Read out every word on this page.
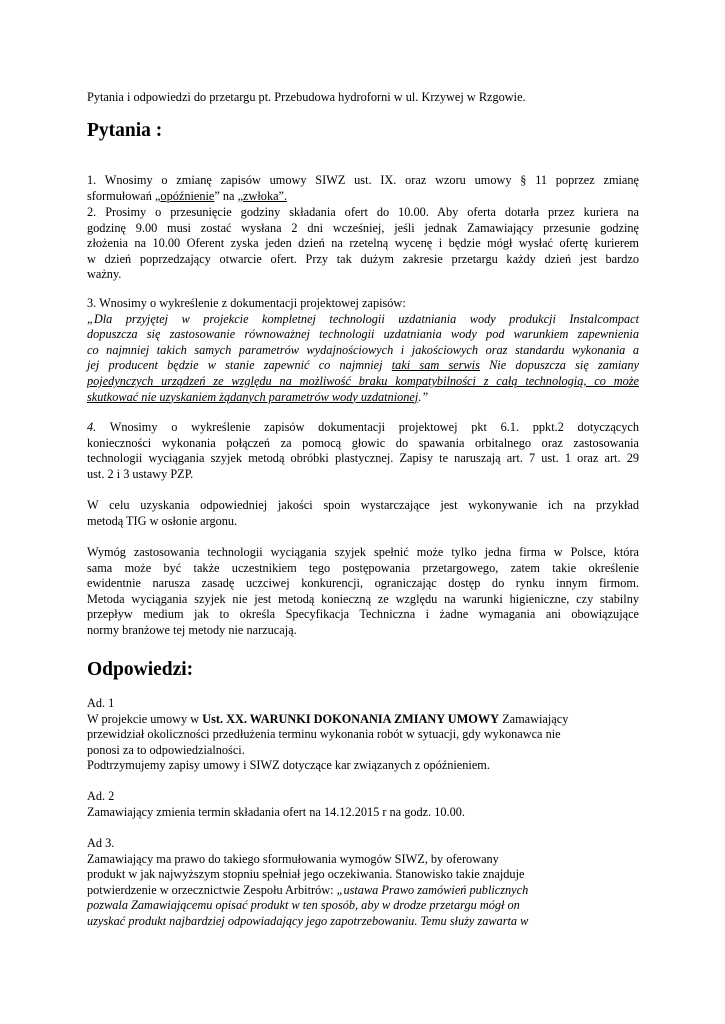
Pytania i odpowiedzi do przetargu pt. Przebudowa hydroforni w ul. Krzywej w Rzgowie.

Pytania :

1. Wnosimy o zmianę zapisów umowy SIWZ ust. IX. oraz wzoru umowy § 11 poprzez zmianę

sformułowań „opóźnienie” na „zwłoka”.

2. Prosimy o przesunięcie godziny składania ofert do 10.00. Aby oferta dotarła przez kuriera na

godzinę 9.00 musi zostać wysłana 2 dni wcześniej, jeśli jednak Zamawiający przesunie godzinę

złożenia na 10.00 Oferent zyska jeden dzień na rzetelną wycenę i będzie mógł wysłać ofertę kurierem

w dzień poprzedzający otwarcie ofert. Przy tak dużym zakresie przetargu każdy dzień jest bardzo

ważny.

3. Wnosimy o wykreślenie z dokumentacji projektowej zapisów:

„Dla przyjętej w projekcie kompletnej technologii uzdatniania wody produkcji Instalcompact

dopuszcza się zastosowanie równoważnej technologii uzdatniania wody pod warunkiem zapewnienia

co najmniej takich samych parametrów wydajnościowych i jakościowych oraz standardu wykonania a

jej producent będzie w stanie zapewnić co najmniej taki sam serwis Nie dopuszcza się zamiany

pojedynczych urządzeń ze względu na możliwość braku kompatybilności z całą technologią, co może

skutkować nie uzyskaniem żądanych parametrów wody uzdatnionej.”

4. Wnosimy o wykreślenie zapisów dokumentacji projektowej pkt 6.1. ppkt.2 dotyczących

konieczności wykonania połączeń za pomocą głowic do spawania orbitalnego oraz zastosowania

technologii wyciągania szyjek metodą obróbki plastycznej. Zapisy te naruszają art. 7 ust. 1 oraz art. 29

ust. 2 i 3 ustawy PZP.

W celu uzyskania odpowiedniej jakości spoin wystarczające jest wykonywanie ich na przykład

metodą TIG w osłonie argonu.

Wymóg zastosowania technologii wyciągania szyjek spełnić może tylko jedna firma w Polsce, która

sama może być także uczestnikiem tego postępowania przetargowego, zatem takie określenie

ewidentnie narusza zasadę uczciwej konkurencji, ograniczając dostęp do rynku innym firmom.

Metoda wyciągania szyjek nie jest metodą konieczną ze względu na warunki higieniczne, czy stabilny

przepływ medium jak to określa Specyfikacja Techniczna i żadne wymagania ani obowiązujące

normy branżowe tej metody nie narzucają.

Odpowiedzi:

Ad. 1

W projekcie umowy w Ust. XX. WARUNKI DOKONANIA ZMIANY UMOWY Zamawiający

przewidział okoliczności przedłużenia terminu wykonania robót w sytuacji, gdy wykonawca nie

ponosi za to odpowiedzialności.

Podtrzymujemy zapisy umowy i SIWZ dotyczące kar związanych z opóźnieniem.

Ad. 2

Zamawiający zmienia termin składania ofert na 14.12.2015 r na godz. 10.00.

Ad 3.

Zamawiający ma prawo do takiego sformułowania wymogów SIWZ, by oferowany

produkt w jak najwyższym stopniu spełniał jego oczekiwania. Stanowisko takie znajduje

potwierdzenie w orzecznictwie Zespołu Arbitrów: „ustawa Prawo zamówień publicznych

pozwala Zamawiającemu opisać produkt w ten sposób, aby w drodze przetargu mógł on

uzyskać produkt najbardziej odpowiadający jego zapotrzebowaniu. Temu służy zawarta w
